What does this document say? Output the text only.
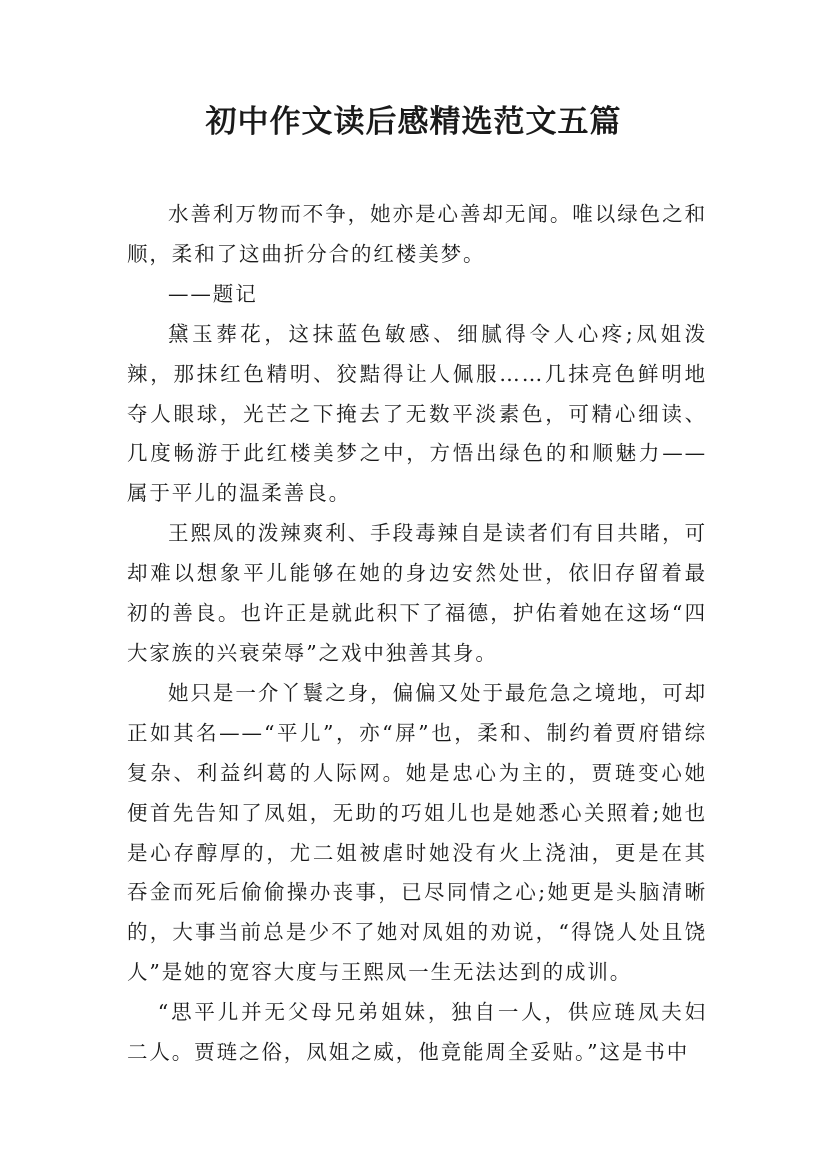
初中作文读后感精选范文五篇

水善利万物而不争，她亦是心善却无闻。唯以绿色之和顺，柔和了这曲折分合的红楼美梦。

——题记

黛玉葬花，这抹蓝色敏感、细腻得令人心疼;凤姐泼辣，那抹红色精明、狡黠得让人佩服……几抹亮色鲜明地夺人眼球，光芒之下掩去了无数平淡素色，可精心细读、几度畅游于此红楼美梦之中，方悟出绿色的和顺魅力——属于平儿的温柔善良。

王熙凤的泼辣爽利、手段毒辣自是读者们有目共睹，可却难以想象平儿能够在她的身边安然处世，依旧存留着最初的善良。也许正是就此积下了福德，护佑着她在这场“四大家族的兴衰荣辱”之戏中独善其身。

她只是一介丫鬟之身，偏偏又处于最危急之境地，可却正如其名——“平儿”，亦“屏”也，柔和、制约着贾府错综复杂、利益纠葛的人际网。她是忠心为主的，贾琏变心她便首先告知了凤姐，无助的巧姐儿也是她悉心关照着;她也是心存醇厚的，尤二姐被虐时她没有火上浇油，更是在其吞金而死后偷偷操办丧事，已尽同情之心;她更是头脑清晰的，大事当前总是少不了她对凤姐的劝说，“得饶人处且饶人”是她的宽容大度与王熙凤一生无法达到的成训。

“思平儿并无父母兄弟姐妹，独自一人，供应琏凤夫妇二人。贾琏之俗，凤姐之威，他竟能周全妥贴。”这是书中
